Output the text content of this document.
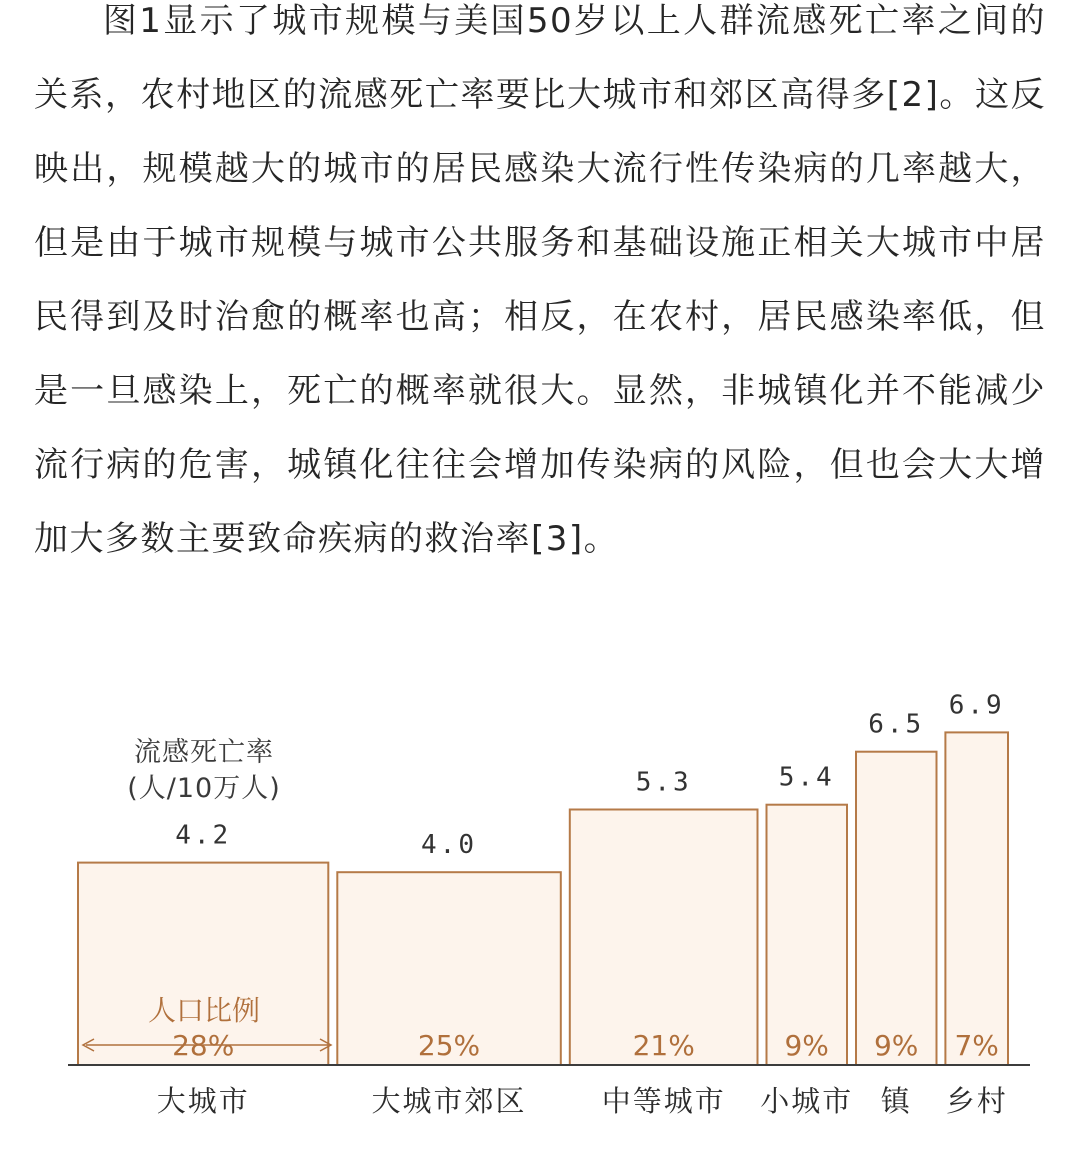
图1显示了城市规模与美国50岁以上人群流感死亡率之间的关系，农村地区的流感死亡率要比大城市和郊区高得多[2]。这反映出，规模越大的城市的居民感染大流行性传染病的几率越大，但是由于城市规模与城市公共服务和基础设施正相关大城市中居民得到及时治愈的概率也高；相反，在农村，居民感染率低，但是一旦感染上，死亡的概率就很大。显然，非城镇化并不能减少流行病的危害，城镇化往往会增加传染病的风险，但也会大大增加大多数主要致命疾病的救治率[3]。

4.2
28%
大城市
4.0
25%
大城市郊区
5.3
21%
中等城市
5.4
9%
小城市
6.5
9%
镇
6.9
7%
乡村
流感死亡率
(人/10万人)
人口比例
